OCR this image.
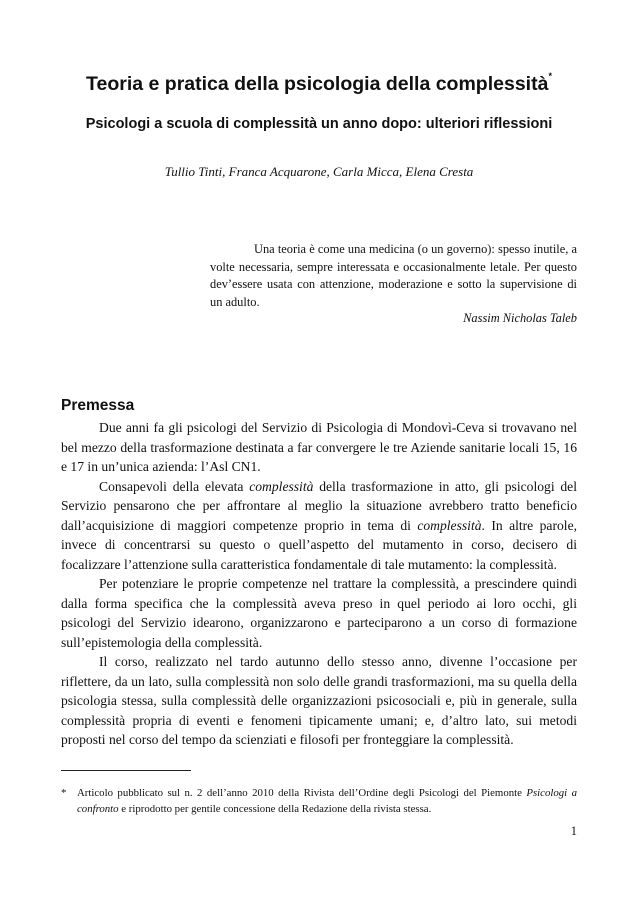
Teoria e pratica della psicologia della complessità*
Psicologi a scuola di complessità un anno dopo: ulteriori riflessioni
Tullio Tinti, Franca Acquarone, Carla Micca, Elena Cresta

Una teoria è come una medicina (o un governo): spesso inutile, a volte necessaria, sempre interessata e occasionalmente letale. Per questo dev’essere usata con attenzione, moderazione e sotto la supervisione di un adulto.

Nassim Nicholas Taleb
Premessa

Due anni fa gli psicologi del Servizio di Psicologia di Mondovì-Ceva si trovavano nel bel mezzo della trasformazione destinata a far convergere le tre Aziende sanitarie locali 15, 16 e 17 in un’unica azienda: l’Asl CN1.

Consapevoli della elevata complessità della trasformazione in atto, gli psicologi del Servizio pensarono che per affrontare al meglio la situazione avrebbero tratto beneficio dall’acquisizione di maggiori competenze proprio in tema di complessità. In altre parole, invece di concentrarsi su questo o quell’aspetto del mutamento in corso, decisero di focalizzare l’attenzione sulla caratteristica fondamentale di tale mutamento: la complessità.

Per potenziare le proprie competenze nel trattare la complessità, a prescindere quindi dalla forma specifica che la complessità aveva preso in quel periodo ai loro occhi, gli psicologi del Servizio idearono, organizzarono e parteciparono a un corso di formazione sull’epistemologia della complessità.

Il corso, realizzato nel tardo autunno dello stesso anno, divenne l’occasione per riflettere, da un lato, sulla complessità non solo delle grandi trasformazioni, ma su quella della psicologia stessa, sulla complessità delle organizzazioni psicosociali e, più in generale, sulla complessità propria di eventi e fenomeni tipicamente umani; e, d’altro lato, sui metodi proposti nel corso del tempo da scienziati e filosofi per fronteggiare la complessità.

* Articolo pubblicato sul n. 2 dell’anno 2010 della Rivista dell’Ordine degli Psicologi del Piemonte Psicologi a confronto e riprodotto per gentile concessione della Redazione della rivista stessa.

1
